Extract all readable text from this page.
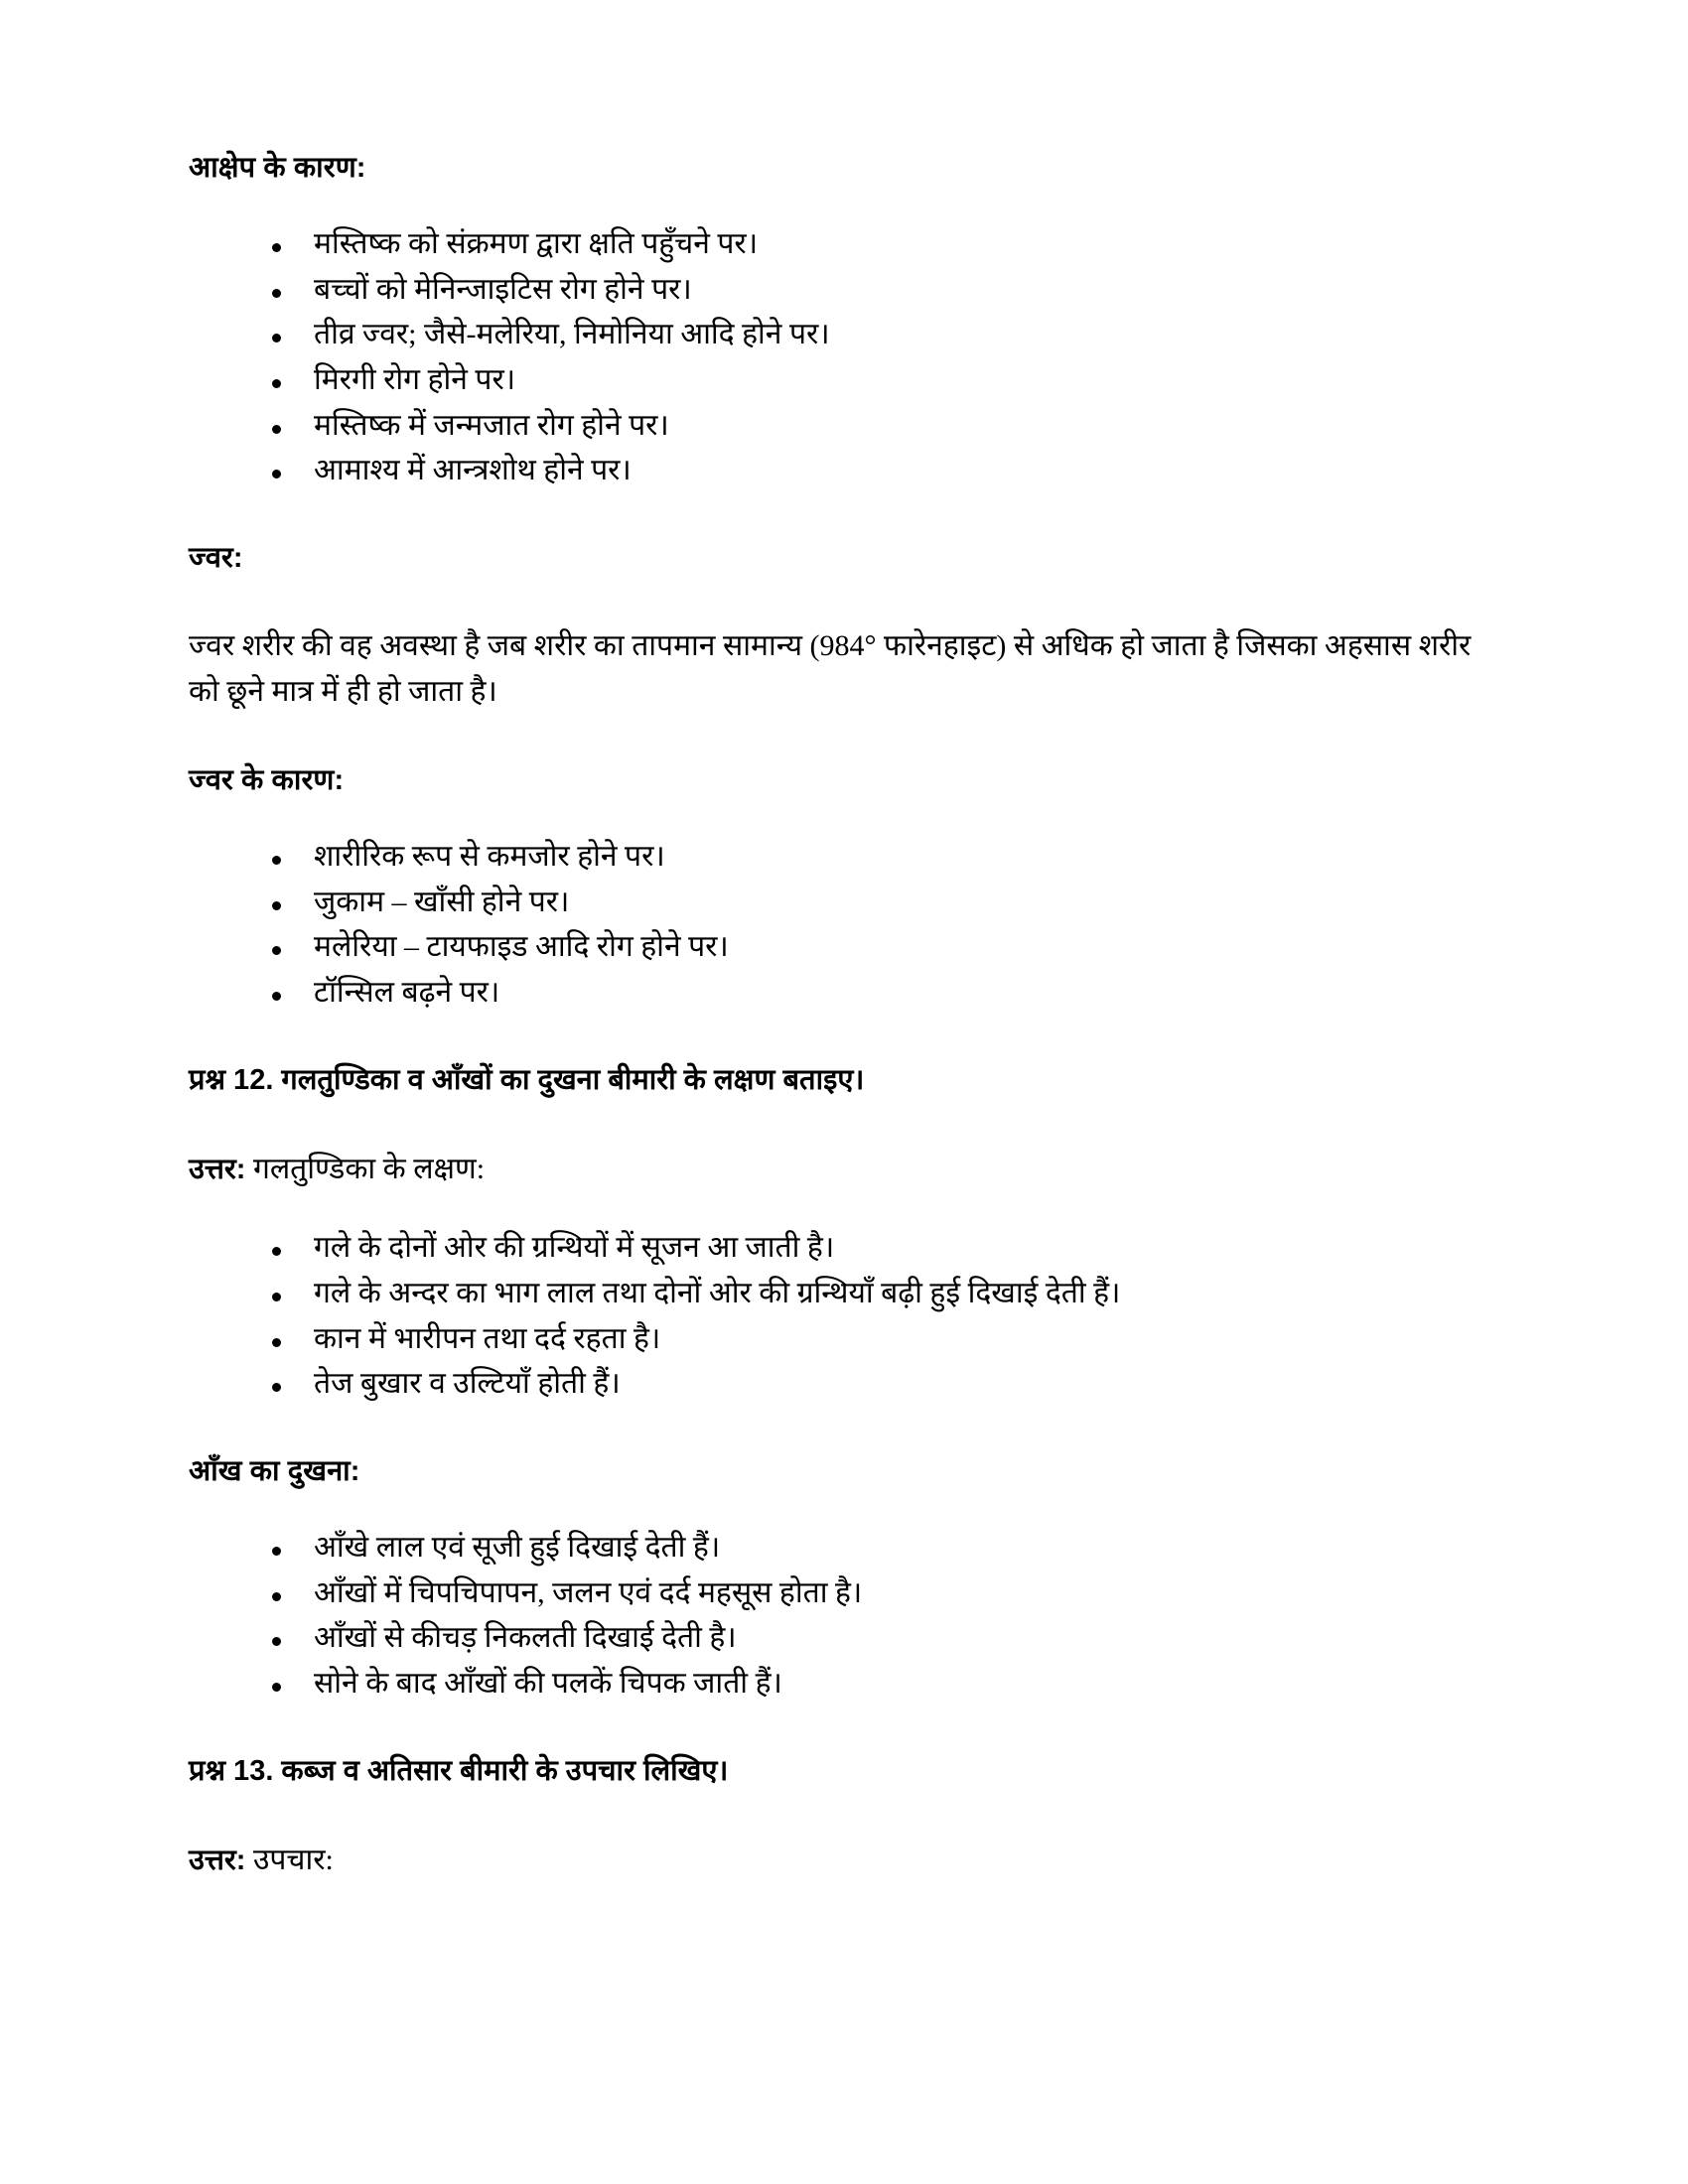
आक्षेप के कारण:
मस्तिष्क को संक्रमण द्वारा क्षति पहुँचने पर।
बच्चों को मेनिन्जाइटिस रोग होने पर।
तीव्र ज्वर; जैसे-मलेरिया, निमोनिया आदि होने पर।
मिरगी रोग होने पर।
मस्तिष्क में जन्मजात रोग होने पर।
आमाश्य में आन्त्रशोथ होने पर।
ज्वर:

ज्वर शरीर की वह अवस्था है जब शरीर का तापमान सामान्य (984° फारेनहाइट) से अधिक हो जाता है जिसका अहसास शरीर को छूने मात्र में ही हो जाता है।

ज्वर के कारण:
शारीरिक रूप से कमजोर होने पर।
जुकाम – खाँसी होने पर।
मलेरिया – टायफाइड आदि रोग होने पर।
टॉन्सिल बढ़ने पर।
प्रश्न 12. गलतुण्डिका व आँखों का दुखना बीमारी के लक्षण बताइए।

उत्तर: गलतुण्डिका के लक्षण:

गले के दोनों ओर की ग्रन्थियों में सूजन आ जाती है।
गले के अन्दर का भाग लाल तथा दोनों ओर की ग्रन्थियाँ बढ़ी हुई दिखाई देती हैं।
कान में भारीपन तथा दर्द रहता है।
तेज बुखार व उल्टियाँ होती हैं।
आँख का दुखना:
आँखे लाल एवं सूजी हुई दिखाई देती हैं।
आँखों में चिपचिपापन, जलन एवं दर्द महसूस होता है।
आँखों से कीचड़ निकलती दिखाई देती है।
सोने के बाद आँखों की पलकें चिपक जाती हैं।
प्रश्न 13. कब्ज व अतिसार बीमारी के उपचार लिखिए।

उत्तर: उपचार:
